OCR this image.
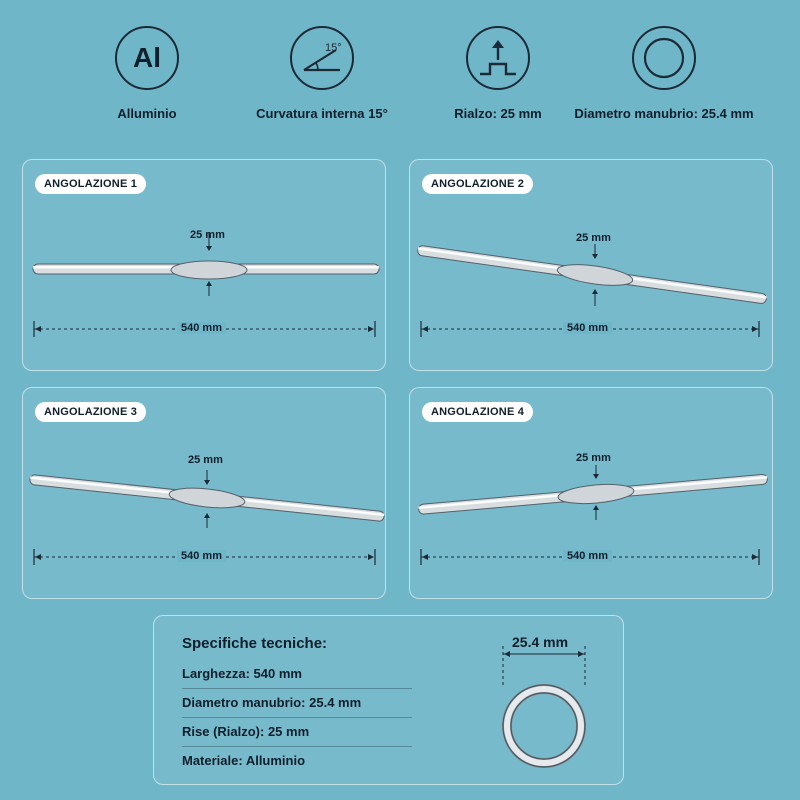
Al
Alluminio
15°
Curvatura interna 15°	Rialzo: 25 mm	Diametro manubrio: 25.4 mm
ANGOLAZIONE 1
25 mm
540 mm
ANGOLAZIONE 2
25 mm
540 mm
ANGOLAZIONE 3
25 mm
540 mm
ANGOLAZIONE 4
25 mm
540 mm
Specifiche tecniche:
Larghezza: 540 mm
Diametro manubrio: 25.4 mm
Rise (Rialzo): 25 mm
Materiale: Alluminio
25.4 mm
